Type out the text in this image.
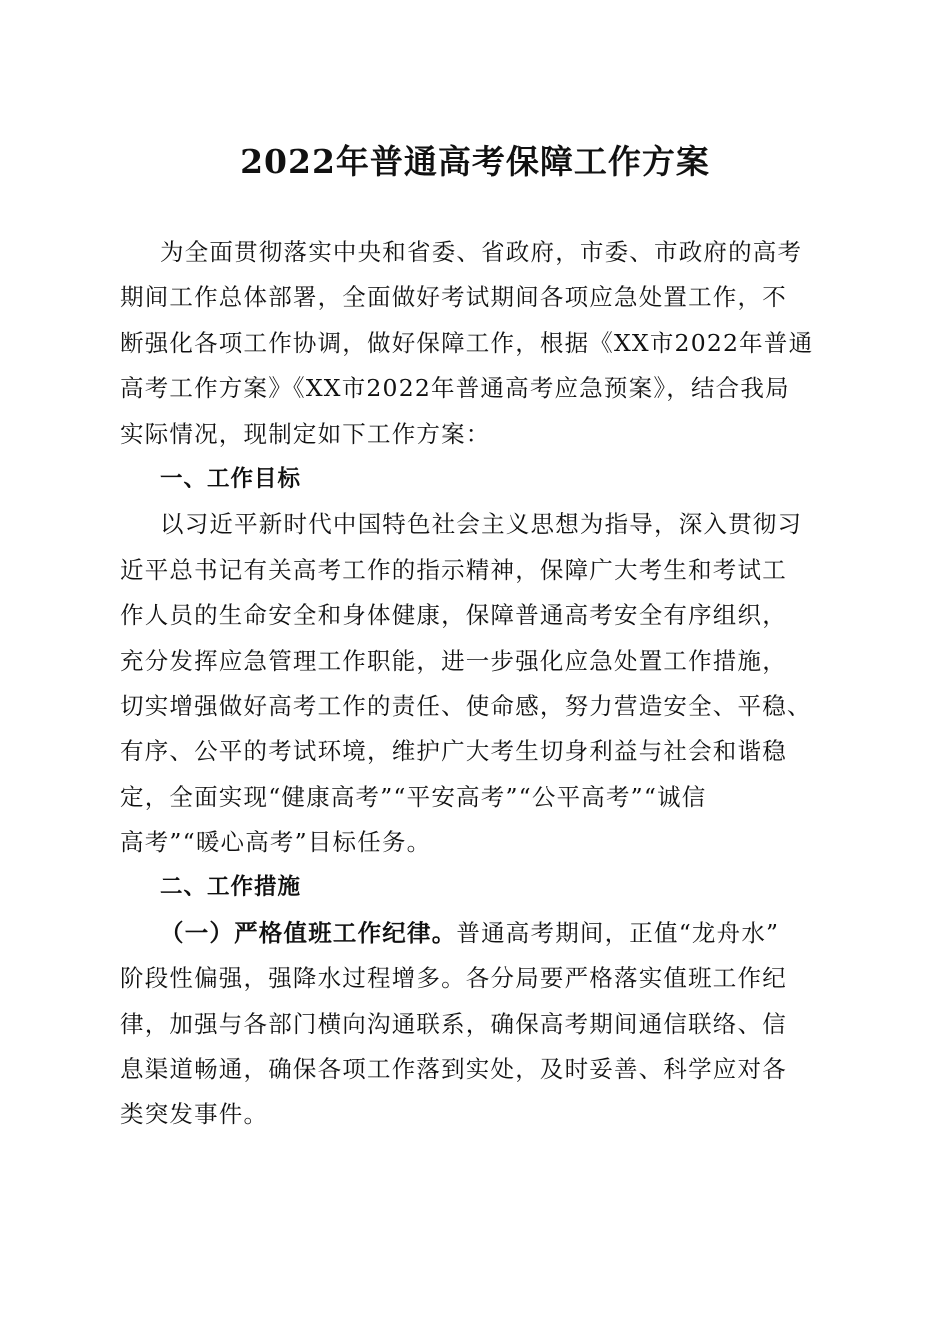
2022年普通高考保障工作方案
为全面贯彻落实中央和省委、省政府，市委、市政府的高考
期间工作总体部署，全面做好考试期间各项应急处置工作，不
断强化各项工作协调，做好保障工作，根据《XX市2022年普通
高考工作方案》《XX市2022年普通高考应急预案》，结合我局
实际情况，现制定如下工作方案：
一、工作目标
以习近平新时代中国特色社会主义思想为指导，深入贯彻习
近平总书记有关高考工作的指示精神，保障广大考生和考试工
作人员的生命安全和身体健康，保障普通高考安全有序组织，
充分发挥应急管理工作职能，进一步强化应急处置工作措施，
切实增强做好高考工作的责任、使命感，努力营造安全、平稳、
有序、公平的考试环境，维护广大考生切身利益与社会和谐稳
定，全面实现“健康高考”“平安高考”“公平高考”“诚信
高考”“暖心高考”目标任务。
二、工作措施
（一）严格值班工作纪律。普通高考期间，正值“龙舟水”
阶段性偏强，强降水过程增多。各分局要严格落实值班工作纪
律，加强与各部门横向沟通联系，确保高考期间通信联络、信
息渠道畅通，确保各项工作落到实处，及时妥善、科学应对各
类突发事件。
